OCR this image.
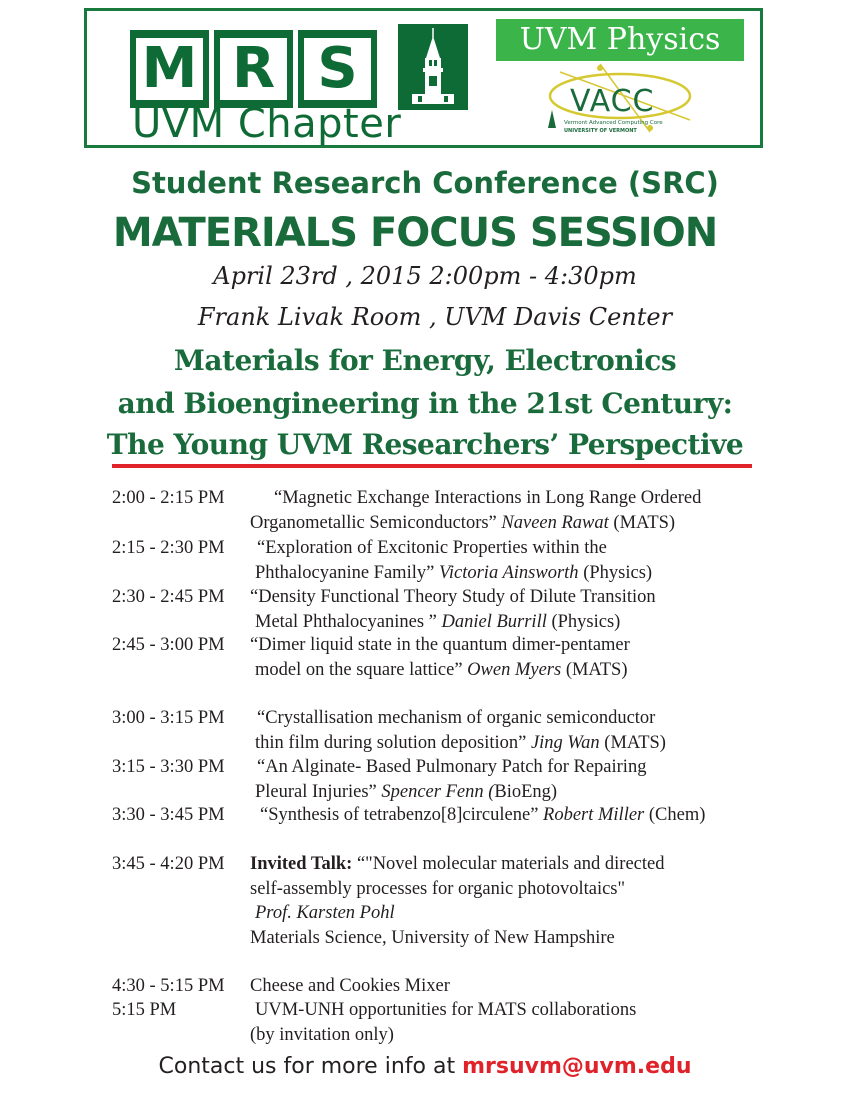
M R S
UVM Chapter
UVM Physics
VACC
Vermont Advanced Computing Core
UNIVERSITY OF VERMONT
Student Research Conference (SRC)
MATERIALS FOCUS SESSION
April 23rd , 2015 2:00pm - 4:30pm
Frank Livak Room , UVM Davis Center
Materials for Energy, Electronics
and Bioengineering in the 21st Century:
The Young UVM Researchers’ Perspective
2:00 - 2:15 PM	“Magnetic Exchange Interactions in Long Range Ordered
Organometallic Semiconductors” Naveen Rawat (MATS)
2:15 - 2:30 PM “Exploration of Excitonic Properties within the
Phthalocyanine Family” Victoria Ainsworth (Physics)
2:30 - 2:45 PM “Density Functional Theory Study of Dilute Transition
Metal Phthalocyanines ” Daniel Burrill (Physics)
2:45 - 3:00 PM “Dimer liquid state in the quantum dimer-pentamer
model on the square lattice” Owen Myers (MATS)
3:00 - 3:15 PM “Crystallisation mechanism of organic semiconductor
thin film during solution deposition” Jing Wan (MATS)
3:15 - 3:30 PM “An Alginate- Based Pulmonary Patch for Repairing
Pleural Injuries” Spencer Fenn (BioEng)
3:30 - 3:45 PM “Synthesis of tetrabenzo[8]circulene” Robert Miller (Chem)
3:45 - 4:20 PM Invited Talk: “"Novel molecular materials and directed
self-assembly processes for organic photovoltaics"
Prof. Karsten Pohl
Materials Science, University of New Hampshire
4:30 - 5:15 PM Cheese and Cookies Mixer
5:15 PM	UVM-UNH opportunities for MATS collaborations
(by invitation only)
Contact us for more info at mrsuvm@uvm.edu
